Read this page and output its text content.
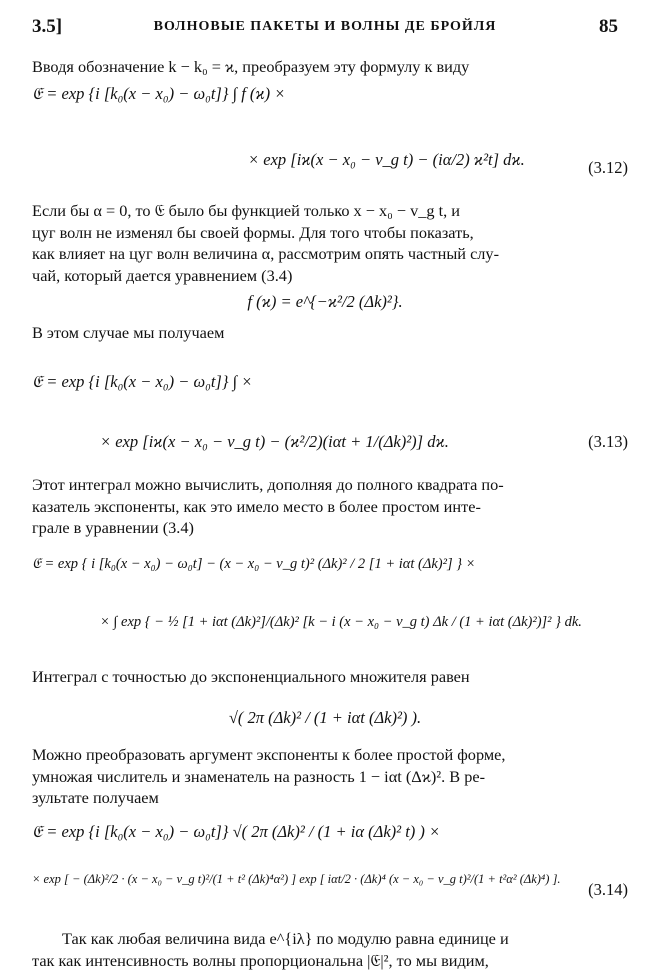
3.5]	ВОЛНОВЫЕ ПАКЕТЫ И ВОЛНЫ ДЕ БРОЙЛЯ	85
Вводя обозначение k − k₀ = ϰ, преобразуем эту формулу к виду
𝔈 = exp {i [k₀(x − x₀) − ω₀t]} ∫ f (ϰ) ×
× exp [iϰ(x − x₀ − v_g t) − (iα/2) ϰ²t] dϰ.	(3.12)
Если бы α = 0, то 𝔈 было бы функцией только x − x₀ − v_g t, и
цуг волн не изменял бы своей формы. Для того чтобы показать,
как влияет на цуг волн величина α, рассмотрим опять частный слу-
чай, который дается уравнением (3.4)
f (ϰ) = e^{−ϰ²/2 (Δk)²}.
В этом случае мы получаем
𝔈 = exp {i [k₀(x − x₀) − ω₀t]} ∫ ×
× exp [iϰ(x − x₀ − v_g t) − (ϰ²/2)(iαt + 1/(Δk)²)] dϰ.	(3.13)
Этот интеграл можно вычислить, дополняя до полного квадрата по-
казатель экспоненты, как это имело место в более простом инте-
грале в уравнении (3.4)
𝔈 = exp { i [k₀(x − x₀) − ω₀t] − (x − x₀ − v_g t)² (Δk)² / 2 [1 + iαt (Δk)²] } ×
× ∫ exp { − ½ [1 + iαt (Δk)²]/(Δk)² [k − i (x − x₀ − v_g t) Δk / (1 + iαt (Δk)²)]² } dk.
Интеграл с точностью до экспоненциального множителя равен
√( 2π (Δk)² / (1 + iαt (Δk)²) ).
Можно преобразовать аргумент экспоненты к более простой форме,
умножая числитель и знаменатель на разность 1 − iαt (Δϰ)². В ре-
зультате получаем
𝔈 = exp {i [k₀(x − x₀) − ω₀t]} √( 2π (Δk)² / (1 + iα (Δk)² t) ) ×
× exp [ − (Δk)²/2 · (x − x₀ − v_g t)²/(1 + t² (Δk)⁴α²) ] exp [ iαt/2 · (Δk)⁴ (x − x₀ − v_g t)²/(1 + t²α² (Δk)⁴) ].
(3.14)
Так как любая величина вида e^{iλ} по модулю равна единице и
так как интенсивность волны пропорциональна |𝔈|², то мы видим,
